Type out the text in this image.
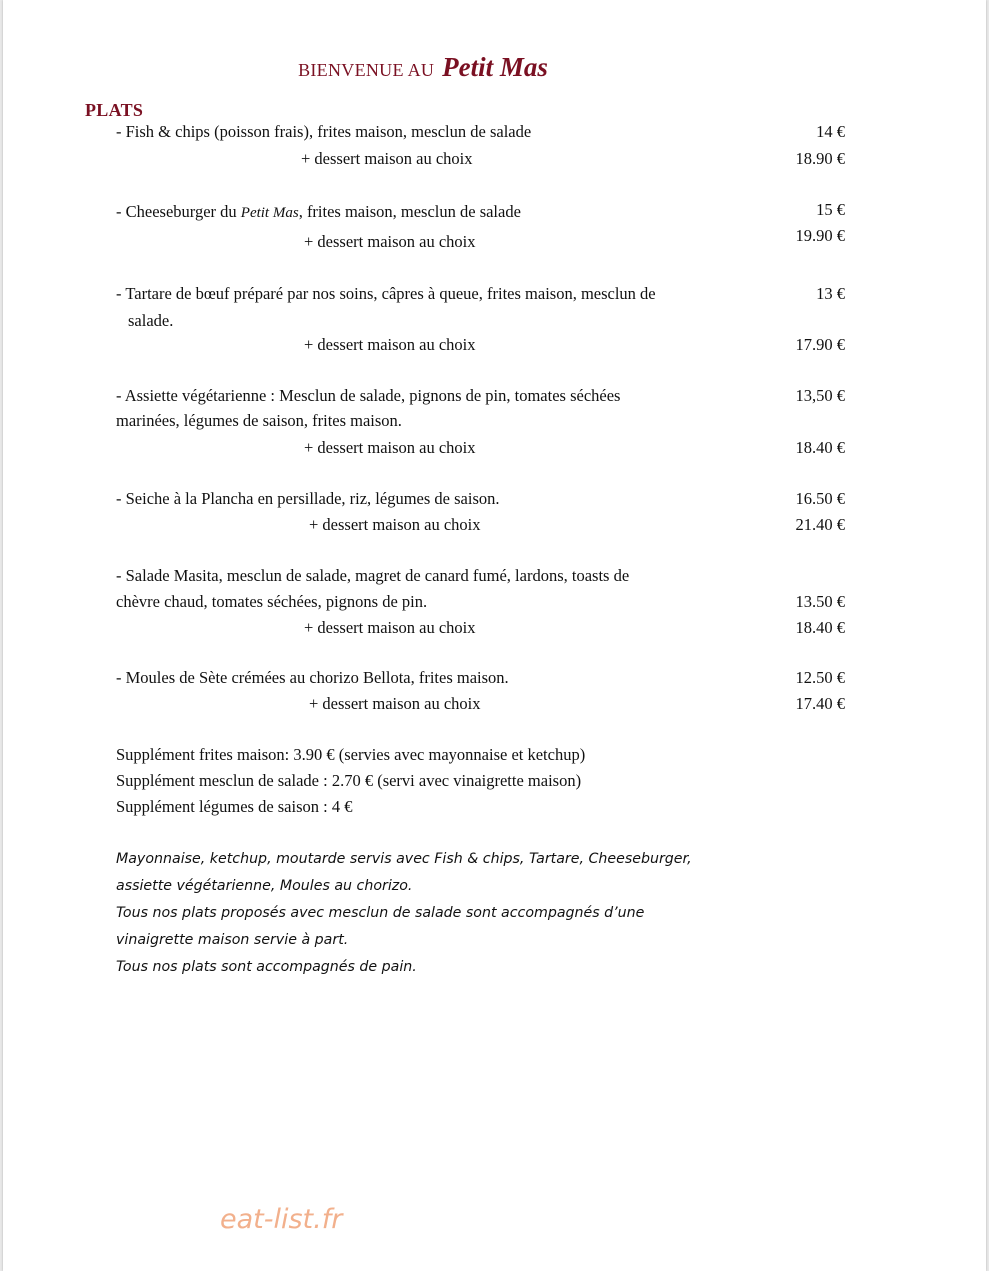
BIENVENUE AU Petit Mas
PLATS
- Fish & chips (poisson frais), frites maison, mesclun de salade	14 €
+ dessert maison au choix	18.90 €
- Cheeseburger du Petit Mas, frites maison, mesclun de salade	15 €
+ dessert maison au choix	19.90 €
- Tartare de bœuf préparé par nos soins, câpres à queue, frites maison, mesclun de	13 €
salade.
+ dessert maison au choix	17.90 €
- Assiette végétarienne : Mesclun de salade, pignons de pin, tomates séchées	13,50 €
marinées, légumes de saison, frites maison.
+ dessert maison au choix	18.40 €
- Seiche à la Plancha en persillade, riz, légumes de saison.	16.50 €
+ dessert maison au choix	21.40 €
- Salade Masita, mesclun de salade, magret de canard fumé, lardons, toasts de
chèvre chaud, tomates séchées, pignons de pin.	13.50 €
+ dessert maison au choix	18.40 €
- Moules de Sète crémées au chorizo Bellota, frites maison.	12.50 €
+ dessert maison au choix	17.40 €
Supplément frites maison: 3.90 € (servies avec mayonnaise et ketchup)
Supplément mesclun de salade : 2.70 € (servi avec vinaigrette maison)
Supplément légumes de saison : 4 €
Mayonnaise, ketchup, moutarde servis avec Fish & chips, Tartare, Cheeseburger,
assiette végétarienne, Moules au chorizo.
Tous nos plats proposés avec mesclun de salade sont accompagnés d’une
vinaigrette maison servie à part.
Tous nos plats sont accompagnés de pain.
eat-list.fr
